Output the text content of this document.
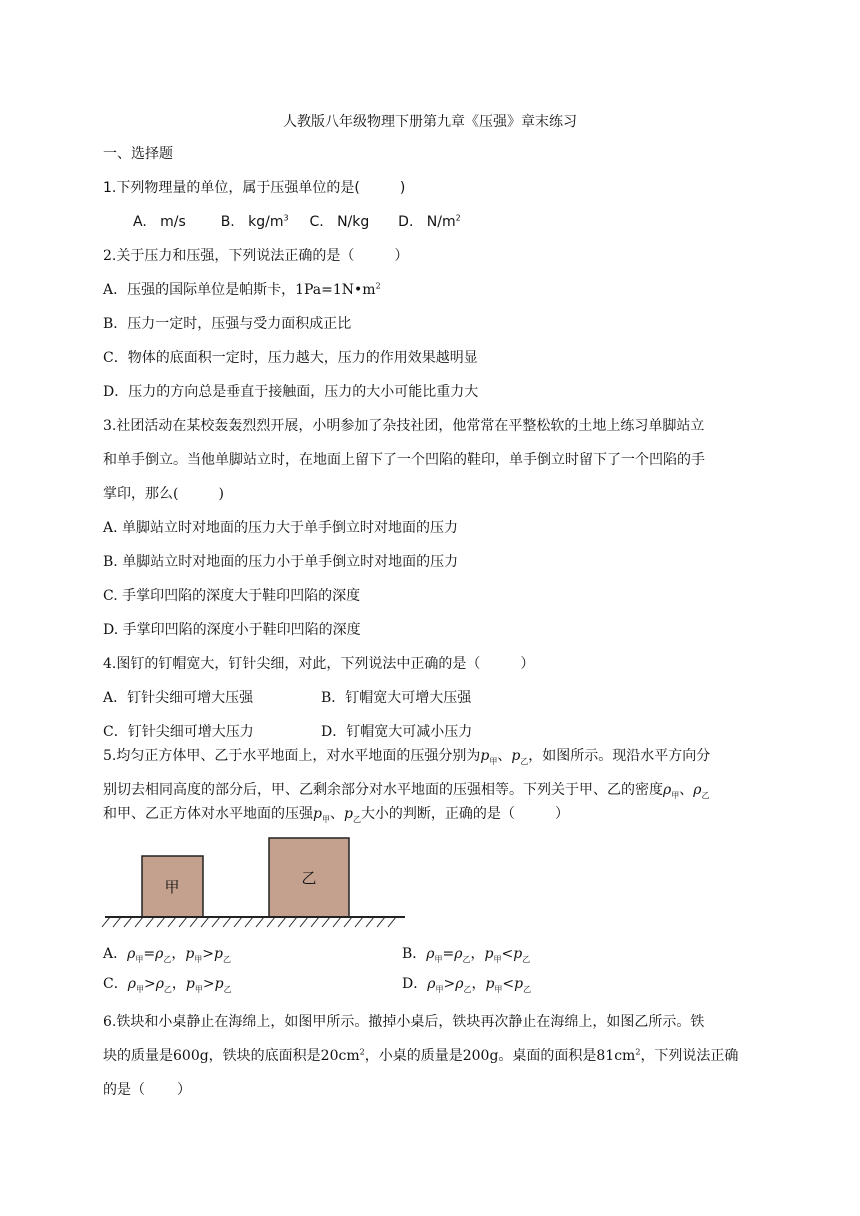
人教版八年级物理下册第九章《压强》章末练习
一、选择题
1.下列物理量的单位，属于压强单位的是(	)
A. m/s B. $kg/m^3$ C. N/kg D. $N/m^2$
2.关于压力和压强，下列说法正确的是（	）
A．压强的国际单位是帕斯卡，$1Pa=1N•m^2$
B．压力一定时，压强与受力面积成正比
C．物体的底面积一定时，压力越大，压力的作用效果越明显
D．压力的方向总是垂直于接触面，压力的大小可能比重力大
3.社团活动在某校轰轰烈烈开展，小明参加了杂技社团，他常常在平整松软的土地上练习单脚站立
和单手倒立。当他单脚站立时，在地面上留下了一个凹陷的鞋印，单手倒立时留下了一个凹陷的手
掌印，那么(	)
A. 单脚站立时对地面的压力大于单手倒立时对地面的压力
B. 单脚站立时对地面的压力小于单手倒立时对地面的压力
C. 手掌印凹陷的深度大于鞋印凹陷的深度
D. 手掌印凹陷的深度小于鞋印凹陷的深度
4.图钉的钉帽宽大，钉针尖细，对此，下列说法中正确的是（	）
A．钉针尖细可增大压强	B．钉帽宽大可增大压强
C．钉针尖细可增大压力	D．钉帽宽大可减小压力
5.均匀正方体甲、乙于水平地面上，对水平地面的压强分别为$p_甲$、$p_乙$，如图所示。现沿水平方向分
别切去相同高度的部分后，甲、乙剩余部分对水平地面的压强相等。下列关于甲、乙的密度$\rho_甲$、$\rho_乙$
和甲、乙正方体对水平地面的压强$p_甲$、$p_乙$大小的判断，正确的是（	）
甲	乙
A．$\rho_甲=\rho_乙$，$p_甲>p_乙$	B．$\rho_甲=\rho_乙$，$p_甲<p_乙$
C．$\rho_甲>\rho_乙$，$p_甲>p_乙$	D．$\rho_甲>\rho_乙$，$p_甲<p_乙$
6.铁块和小桌静止在海绵上，如图甲所示。撤掉小桌后，铁块再次静止在海绵上，如图乙所示。铁
块的质量是600g，铁块的底面积是$20cm^2$，小桌的质量是200g。桌面的面积是$81cm^2$，下列说法正确
的是（ ）
